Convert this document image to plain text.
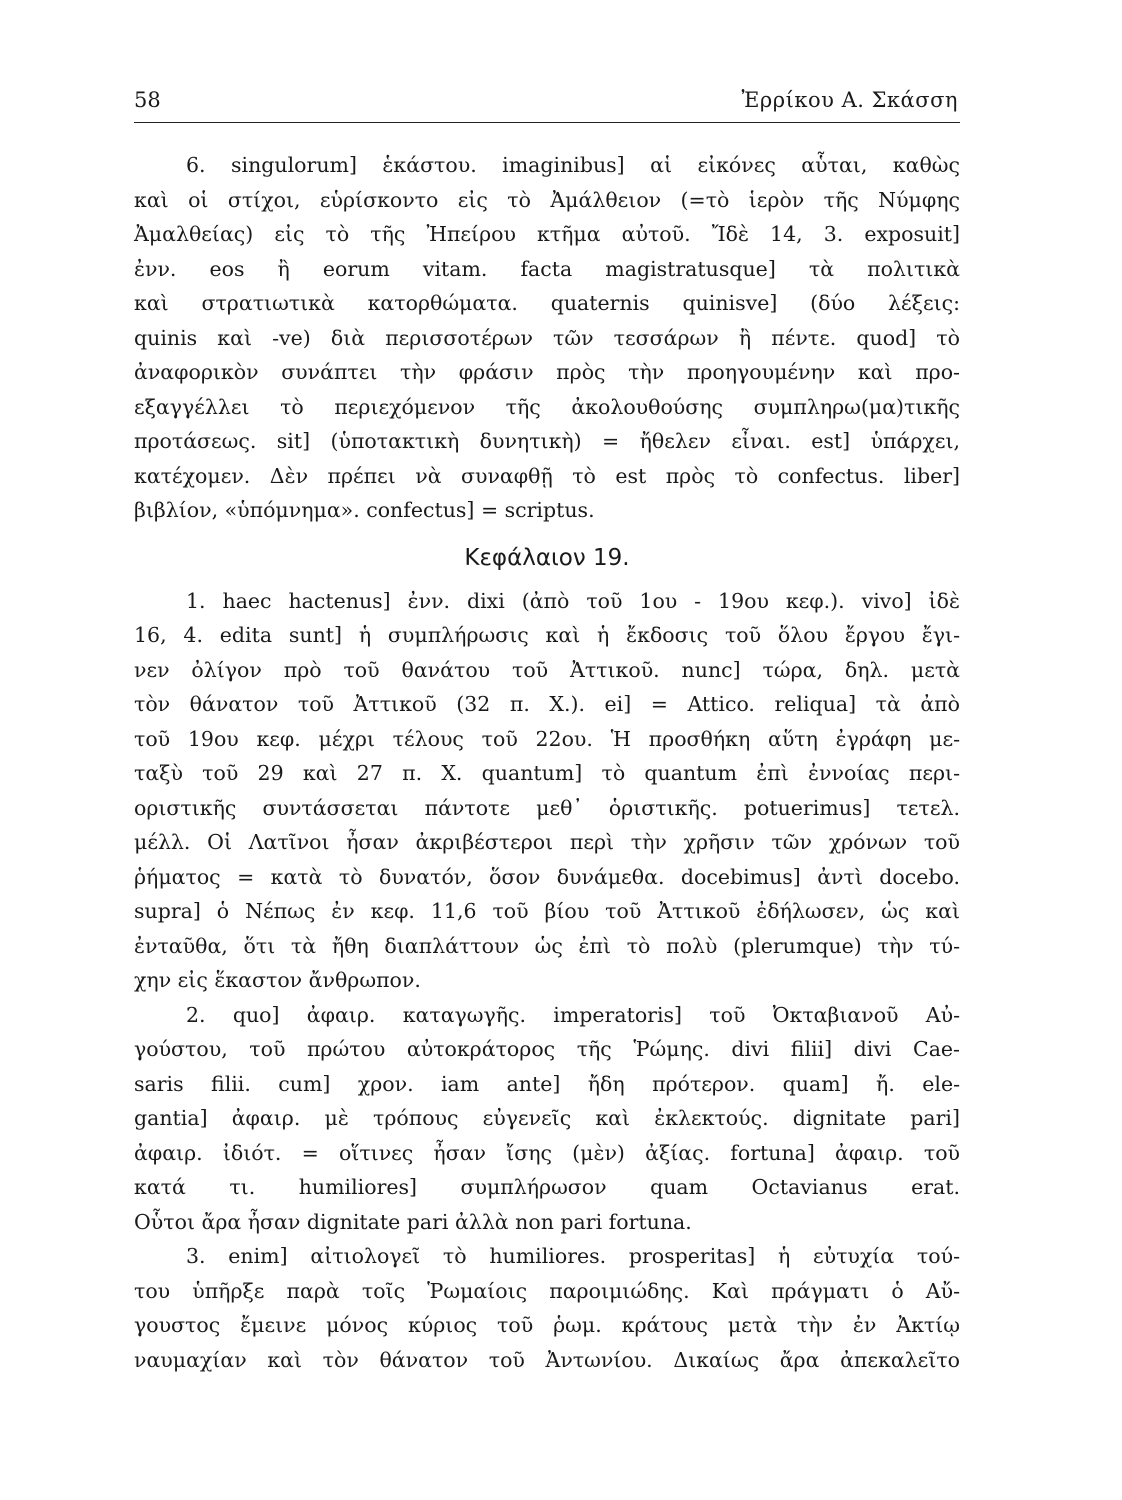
58	Ἐρρίκου Α. Σκάσση
6. singulorum] ἑκάστου. imaginibus] αἱ εἰκόνες αὗται, καθὼς
καὶ οἱ στίχοι, εὑρίσκοντο εἰς τὸ Ἀμάλθειον (=τὸ ἱερὸν τῆς Νύμφης
Ἀμαλθείας) εἰς τὸ τῆς Ἠπείρου κτῆμα αὐτοῦ. Ἴδὲ 14, 3. exposuit]
ἐνν. eos ἢ eorum vitam. facta magistratusque] τὰ πολιτικὰ
καὶ στρατιωτικὰ κατορθώματα. quaternis quinisve] (δύο λέξεις:
quinis καὶ -ve) διὰ περισσοτέρων τῶν τεσσάρων ἢ πέντε. quod] τὸ
ἀναφορικὸν συνάπτει τὴν φράσιν πρὸς τὴν προηγουμένην καὶ προ-
εξαγγέλλει τὸ περιεχόμενον τῆς ἀκολουθούσης συμπληρω(μα)τικῆς
προτάσεως. sit] (ὑποτακτικὴ δυνητικὴ) = ἤθελεν εἶναι. est] ὑπάρχει,
κατέχομεν. Δὲν πρέπει νὰ συναφθῇ τὸ est πρὸς τὸ confectus. liber]
βιβλίον, «ὑπόμνημα». confectus] = scriptus.
Κεφάλαιον 19.
1. haec hactenus] ἐνν. dixi (ἀπὸ τοῦ 1ου - 19ου κεφ.). vivo] ἰδὲ
16, 4. edita sunt] ἡ συμπλήρωσις καὶ ἡ ἔκδοσις τοῦ ὅλου ἔργου ἔγι-
νεν ὀλίγον πρὸ τοῦ θανάτου τοῦ Ἀττικοῦ. nunc] τώρα, δηλ. μετὰ
τὸν θάνατον τοῦ Ἀττικοῦ (32 π. Χ.). ei] = Attico. reliqua] τὰ ἀπὸ
τοῦ 19ου κεφ. μέχρι τέλους τοῦ 22ου. Ἡ προσθήκη αὕτη ἐγράφη με-
ταξὺ τοῦ 29 καὶ 27 π. Χ. quantum] τὸ quantum ἐπὶ ἐννοίας περι-
οριστικῆς συντάσσεται πάντοτε μεθ᾽ ὁριστικῆς. potuerimus] τετελ.
μέλλ. Οἱ Λατῖνοι ἦσαν ἀκριβέστεροι περὶ τὴν χρῆσιν τῶν χρόνων τοῦ
ῥήματος = κατὰ τὸ δυνατόν, ὅσον δυνάμεθα. docebimus] ἀντὶ docebo.
supra] ὁ Νέπως ἐν κεφ. 11,6 τοῦ βίου τοῦ Ἀττικοῦ ἐδήλωσεν, ὡς καὶ
ἐνταῦθα, ὅτι τὰ ἤθη διαπλάττουν ὡς ἐπὶ τὸ πολὺ (plerumque) τὴν τύ-
χην εἰς ἕκαστον ἄνθρωπον.
2. quo] ἀφαιρ. καταγωγῆς. imperatoris] τοῦ Ὀκταβιανοῦ Αὐ-
γούστου, τοῦ πρώτου αὐτοκράτορος τῆς Ῥώμης. divi filii] divi Cae-
saris filii. cum] χρον. iam ante] ἤδη πρότερον. quam] ἤ. ele-
gantia] ἀφαιρ. μὲ τρόπους εὐγενεῖς καὶ ἐκλεκτούς. dignitate pari]
ἀφαιρ. ἰδιότ. = οἵτινες ἦσαν ἴσης (μὲν) ἀξίας. fortuna] ἀφαιρ. τοῦ
κατά τι. humiliores] συμπλήρωσον quam Octavianus erat.
Οὗτοι ἄρα ἦσαν dignitate pari ἀλλὰ non pari fortuna.
3. enim] αἰτιολογεῖ τὸ humiliores. prosperitas] ἡ εὐτυχία τού-
του ὑπῆρξε παρὰ τοῖς Ῥωμαίοις παροιμιώδης. Καὶ πράγματι ὁ Αὔ-
γουστος ἔμεινε μόνος κύριος τοῦ ῥωμ. κράτους μετὰ τὴν ἐν Ἀκτίῳ
ναυμαχίαν καὶ τὸν θάνατον τοῦ Ἀντωνίου. Δικαίως ἄρα ἀπεκαλεῖτο
